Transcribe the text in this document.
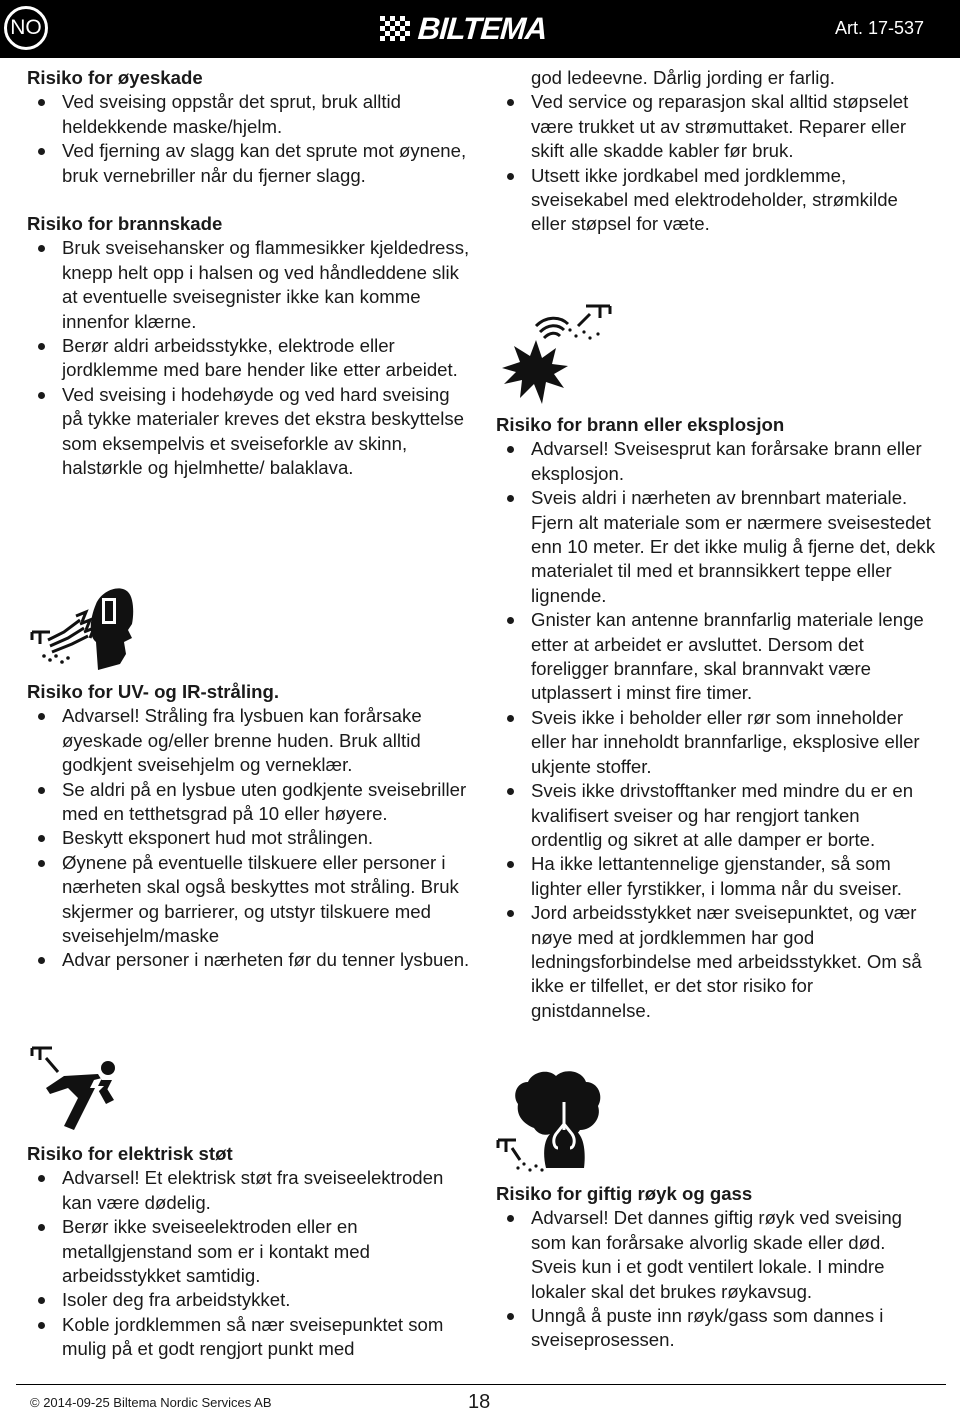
NO	BILTEMA	Art. 17-537
Risiko for øyeskade
Ved sveising oppstår det sprut, bruk alltid heldekkende maske/hjelm.
Ved fjerning av slagg kan det sprute mot øynene, bruk vernebriller når du fjerner slagg.
Risiko for brannskade
Bruk sveisehansker og flammesikker kjeldedress, knepp helt opp i halsen og ved håndleddene slik at eventuelle sveisegnister ikke kan komme innenfor klærne.
Berør aldri arbeidsstykke, elektrode eller jordklemme med bare hender like etter arbeidet.
Ved sveising i hodehøyde og ved hard sveising på tykke materialer kreves det ekstra beskyttelse som eksempelvis et sveiseforkle av skinn, halstørkle og hjelmhette/ balaklava.
Risiko for UV- og IR-stråling.
Advarsel! Stråling fra lysbuen kan forårsake øyeskade og/eller brenne huden. Bruk alltid godkjent sveisehjelm og verneklær.
Se aldri på en lysbue uten godkjente sveisebriller med en tetthetsgrad på 10 eller høyere.
Beskytt eksponert hud mot strålingen.
Øynene på eventuelle tilskuere eller personer i nærheten skal også beskyttes mot stråling. Bruk skjermer og barrierer, og utstyr tilskuere med sveisehjelm/maske
Advar personer i nærheten før du tenner lysbuen.
Risiko for elektrisk støt
Advarsel! Et elektrisk støt fra sveiseelektroden kan være dødelig.
Berør ikke sveiseelektroden eller en metallgjenstand som er i kontakt med arbeidsstykket samtidig.
Isoler deg fra arbeidstykket.
Koble jordklemmen så nær sveisepunktet som mulig på et godt rengjort punkt med

god ledeevne. Dårlig jording er farlig.

Ved service og reparasjon skal alltid støpselet være trukket ut av strømuttaket. Reparer eller skift alle skadde kabler før bruk.
Utsett ikke jordkabel med jordklemme, sveisekabel med elektrodeholder, strømkilde eller støpsel for væte.
Risiko for brann eller eksplosjon
Advarsel! Sveisesprut kan forårsake brann eller eksplosjon.
Sveis aldri i nærheten av brennbart materiale. Fjern alt materiale som er nærmere sveisestedet enn 10 meter. Er det ikke mulig å fjerne det, dekk materialet til med et brannsikkert teppe eller lignende.
Gnister kan antenne brannfarlig materiale lenge etter at arbeidet er avsluttet. Dersom det foreligger brannfare, skal brannvakt være utplassert i minst fire timer.
Sveis ikke i beholder eller rør som inneholder eller har inneholdt brannfarlige, eksplosive eller ukjente stoffer.
Sveis ikke drivstofftanker med mindre du er en kvalifisert sveiser og har rengjort tanken ordentlig og sikret at alle damper er borte.
Ha ikke lettantennelige gjenstander, så som lighter eller fyrstikker, i lomma når du sveiser.
Jord arbeidsstykket nær sveisepunktet, og vær nøye med at jordklemmen har god ledningsforbindelse med arbeidsstykket. Om så ikke er tilfellet, er det stor risiko for gnistdannelse.
Risiko for giftig røyk og gass
Advarsel! Det dannes giftig røyk ved sveising som kan forårsake alvorlig skade eller død. Sveis kun i et godt ventilert lokale. I mindre lokaler skal det brukes røykavsug.
Unngå å puste inn røyk/gass som dannes i sveiseprosessen.
© 2014-09-25 Biltema Nordic Services AB	18
